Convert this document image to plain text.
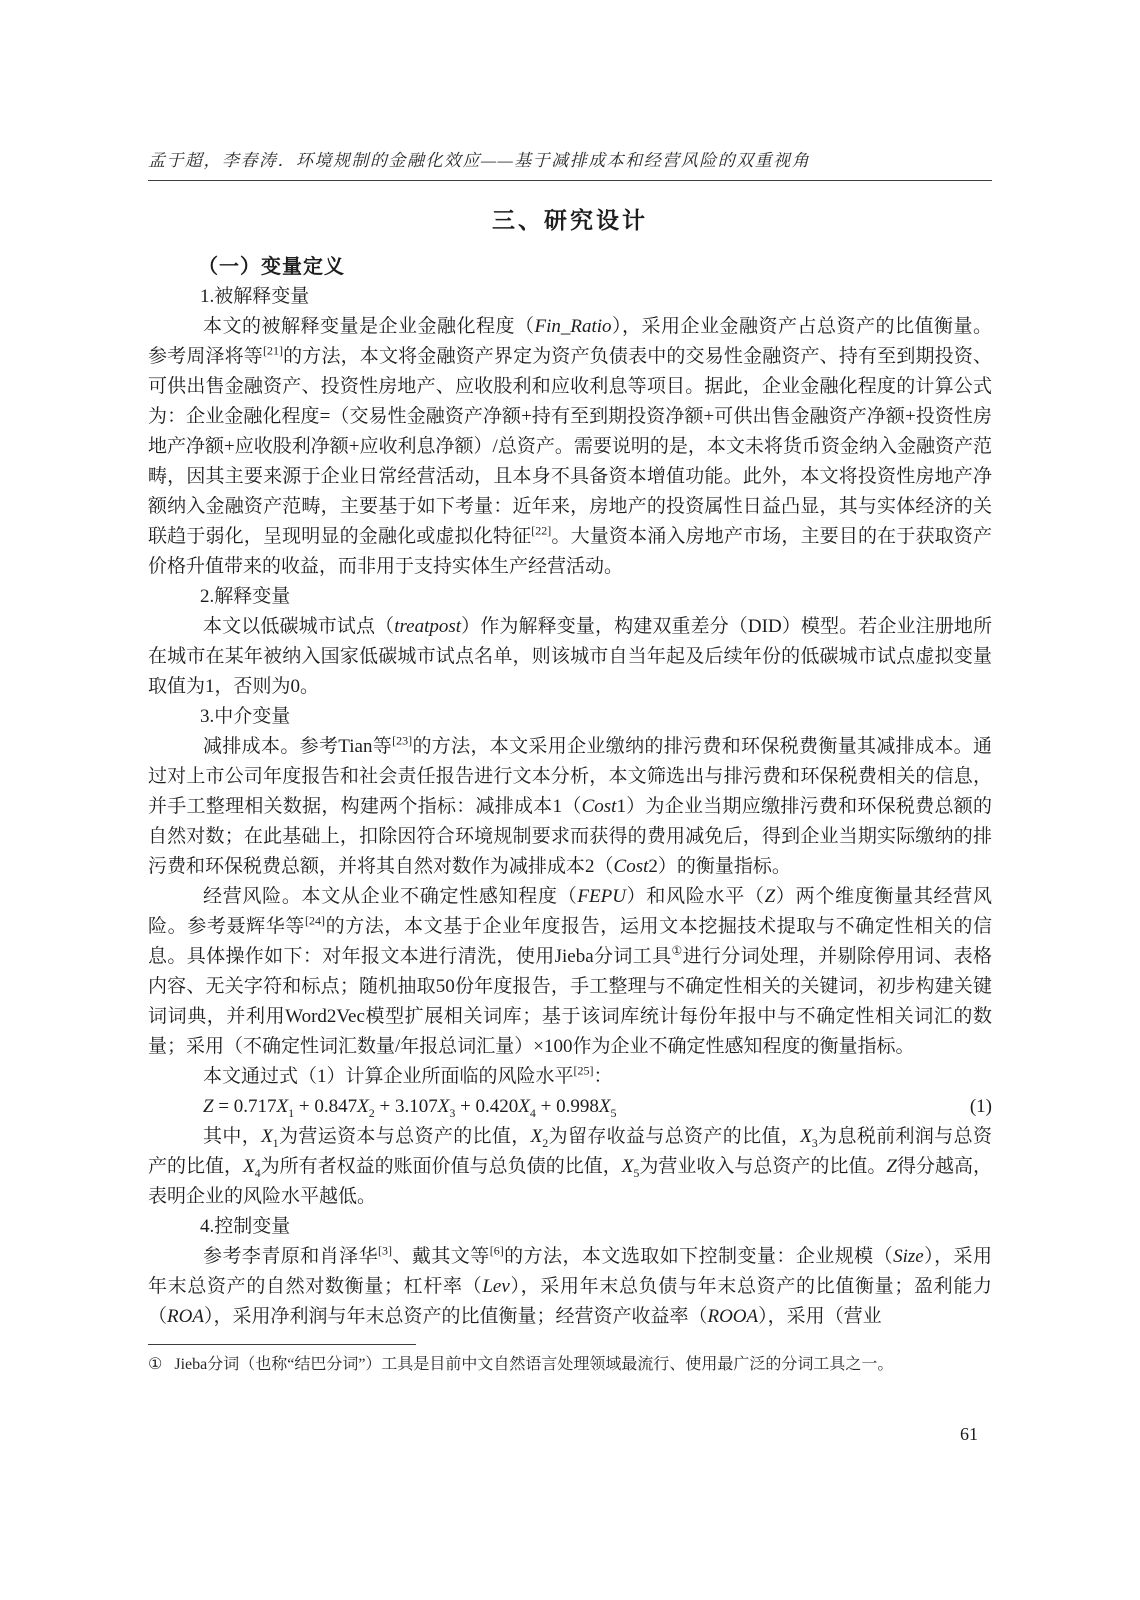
孟于超，李春涛．环境规制的金融化效应——基于减排成本和经营风险的双重视角
三、研究设计
（一）变量定义
1.被解释变量

本文的被解释变量是企业金融化程度（Fin_Ratio），采用企业金融资产占总资产的比值衡量。参考周泽将等[21]的方法，本文将金融资产界定为资产负债表中的交易性金融资产、持有至到期投资、可供出售金融资产、投资性房地产、应收股利和应收利息等项目。据此，企业金融化程度的计算公式为：企业金融化程度=（交易性金融资产净额+持有至到期投资净额+可供出售金融资产净额+投资性房地产净额+应收股利净额+应收利息净额）/总资产。需要说明的是，本文未将货币资金纳入金融资产范畴，因其主要来源于企业日常经营活动，且本身不具备资本增值功能。此外，本文将投资性房地产净额纳入金融资产范畴，主要基于如下考量：近年来，房地产的投资属性日益凸显，其与实体经济的关联趋于弱化，呈现明显的金融化或虚拟化特征[22]。大量资本涌入房地产市场，主要目的在于获取资产价格升值带来的收益，而非用于支持实体生产经营活动。

2.解释变量

本文以低碳城市试点（treatpost）作为解释变量，构建双重差分（DID）模型。若企业注册地所在城市在某年被纳入国家低碳城市试点名单，则该城市自当年起及后续年份的低碳城市试点虚拟变量取值为1，否则为0。

3.中介变量

减排成本。参考Tian等[23]的方法，本文采用企业缴纳的排污费和环保税费衡量其减排成本。通过对上市公司年度报告和社会责任报告进行文本分析，本文筛选出与排污费和环保税费相关的信息，并手工整理相关数据，构建两个指标：减排成本1（Cost1）为企业当期应缴排污费和环保税费总额的自然对数；在此基础上，扣除因符合环境规制要求而获得的费用减免后，得到企业当期实际缴纳的排污费和环保税费总额，并将其自然对数作为减排成本2（Cost2）的衡量指标。

经营风险。本文从企业不确定性感知程度（FEPU）和风险水平（Z）两个维度衡量其经营风险。参考聂辉华等[24]的方法，本文基于企业年度报告，运用文本挖掘技术提取与不确定性相关的信息。具体操作如下：对年报文本进行清洗，使用Jieba分词工具①进行分词处理，并剔除停用词、表格内容、无关字符和标点；随机抽取50份年度报告，手工整理与不确定性相关的关键词，初步构建关键词词典，并利用Word2Vec模型扩展相关词库；基于该词库统计每份年报中与不确定性相关词汇的数量；采用（不确定性词汇数量/年报总词汇量）×100作为企业不确定性感知程度的衡量指标。

本文通过式（1）计算企业所面临的风险水平[25]：

$Z = 0.717X_1 + 0.847X_2 + 3.107X_3 + 0.420X_4 + 0.998X_5$	(1)

其中，$X_1$为营运资本与总资产的比值，$X_2$为留存收益与总资产的比值，$X_3$为息税前利润与总资产的比值，$X_4$为所有者权益的账面价值与总负债的比值，$X_5$为营业收入与总资产的比值。Z得分越高，表明企业的风险水平越低。

4.控制变量

参考李青原和肖泽华[3]、戴其文等[6]的方法，本文选取如下控制变量：企业规模（Size），采用年末总资产的自然对数衡量；杠杆率（Lev），采用年末总负债与年末总资产的比值衡量；盈利能力（ROA），采用净利润与年末总资产的比值衡量；经营资产收益率（ROOA），采用（营业

① Jieba分词（也称“结巴分词”）工具是目前中文自然语言处理领域最流行、使用最广泛的分词工具之一。
61
